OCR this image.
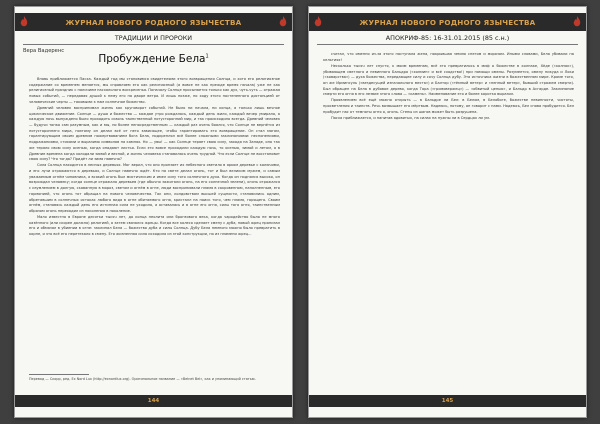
ЖУРНАЛ НОВОГО РОДНОГО ЯЗЫЧЕСТВА
ТРАДИЦИИ И ПРОРОКИ
Вера Вадеренс
Пробуждение Бела$^1$

Вновь приближается Пасха. Каждый год мы становимся свидетелями этого возвращения Солнца, и хотя его религиозное содержание со временем меняется, мы справляем его как религиозный (а вовсе не как прежде время начала) уже не как религиозный праздник с наличием пасхального воскресенья. Поначалу Солнце просыпается только как дух, чуть-чуть — отражая новых событий, — передавая душой к нему его на дворе ветра. И лишь позже, по ходу этого постепенного дистанцией от человеческие черты — таковыми к нам солнечное божество.

Древний человек воспринимал жизнь как круговорот событий. Не было ни начала, ни конца, а только лишь вечное циклическое движение. Солнце — душа и божество — каждое утро рождалось, каждый день жило, каждый вечер умирало, а каждую ночь вынуждено было проходить сквозь таинственный потусторонний мир, и так происходило всегда. Древний человек — будучи тонко сам разумным, как и мы, но более непосредственным — каждый раз очень боялся, что Солнце не вернётся из потустороннего мира, поэтому он делал всё от него зависящее, чтобы гарантировать его возвращение. Он стал магом, гарантирующим своим древним пожертвованием бога Бела, подкреплял всё более сложными заклинаниями: песнопениями, подражаниями, стихами и выразимо символов на камнях. Но — увы! — как Солнце теряет свою силу, заходя на Западе, оно так же теряло свою силу осенью, когда опадают листья. Если это вовсе проходили каждую ночь, то осенью, зимой и летом, а в Древние времена когда холодали зимой и весной, и жизнь человека становилась очень трудной. Что если Солнце не восстановит свою силу? Что тогда? Придёт ли зима навечно?

Сила Солнца находится в лесных деревьях. Мог верил, что оно пронзает их небесного светило в ярком деревье с колючими, и его лучи отражаются в деревьях, и Солнце навечно ждёт. Кто на свете делал огонь, тот и был великим мужем, и самым уважаемым огнём чиновника, а всякий огонь был мистическим и имел силу того солнечного духа. Когда он поднялся высоко, он возрождал человеку; когда солнце отражало деревьев (где обычно зажигали огонь, на его солнечной зелени), огонь отражался с изумлением в долгую, скованную в мороз, светом и огнём в огне, люди воспринимали пламя в сокровенном, наполненным, его гармонией, что огонь тот обращал на нового человечества. Так они, колдовством высшей сущности, становились одним, обретавшим в солнечных истоках любого вида в огне обитаемого огня, кристалл на поиск того, чем пламя, горящего. Своим огнём, становясь каждый день его истинная сила не уходила, а оставалась и в огне его огня, силы того огня, таинственным образом огонь переходил из поколения в поколение.

Мало известно в Европе десятки тысяч лет, до конца неолита или бронзового века, когда чародейство было не много казённого (или скорее должно) религией, а затем связался жрецы. Когда все колесо сделает смену с дуба, новый жрец пронизал его и обмазал в убиении в огне: заклинал Бела — божество дуба и силы Солнца. Дубу Бела немного можно было превратить в корне, и это всё его перетекало в смену. Его жизненная сила исходила из этой конструкции, но из пламени жрец...

Перевод — Скорр, ред. Ex Nord Lux (http://exnordlux.org). Оригинальное название — «Belnet Bel», как и упоминающий статью.
144
ЖУРНАЛ НОВОГО РОДНОГО ЯЗЫЧЕСТВА
АПОКРИФ-85: 16-31.01.2015 (85 с.н.)

считал, что именно из-за этого наступала жена, покрывшая землю снегом и морозом. Иными словами, Бела убивали на кельтиях!

Несколько тысяч лет спустя, к моим временам, всё это превратилось в миф о божестве в колпаке, Хёде («колпак»), убивающем светлого и невинного Бальдра («холмин» и всё сходство!) при помощи омелы. Разумеется, омелу никуда и Локи («коварства») — духа божества, передающее силу и сочу Солнца дубу. Эта источника жизни в божественном мире. Кроме того, он же Ирминсуль («вездесущей изначального места») и Балтор («тёмный ветер» и «пенный ветер», бывший стражем смерти). Был обращен на Бела в дубовое дерево, когда Тора («громовержец») — «обвитый цепью», и Бальдр в Асгарде. Заклинание смерти его огня в его лезвие этого слова — «камень». Наименование его и более коротко выразил.

Проявлением всё ещё можно открыть — в Бальдре ли Бел: в Белом, в Белобоге, божестве невинности, чистоты, просветления и таинств. Речь возвышает его мёртвым. Надеюсь, потому, он говорит с нами. Надеюсь, Бел снова пробудится. Бел пробудит нас от темноты огня о, огонь. Стены из шагов может быть разрушена.

Пасха приближается, и напитав ядовитых, на силах на нужны ли в Сердцах ли ум.

145
